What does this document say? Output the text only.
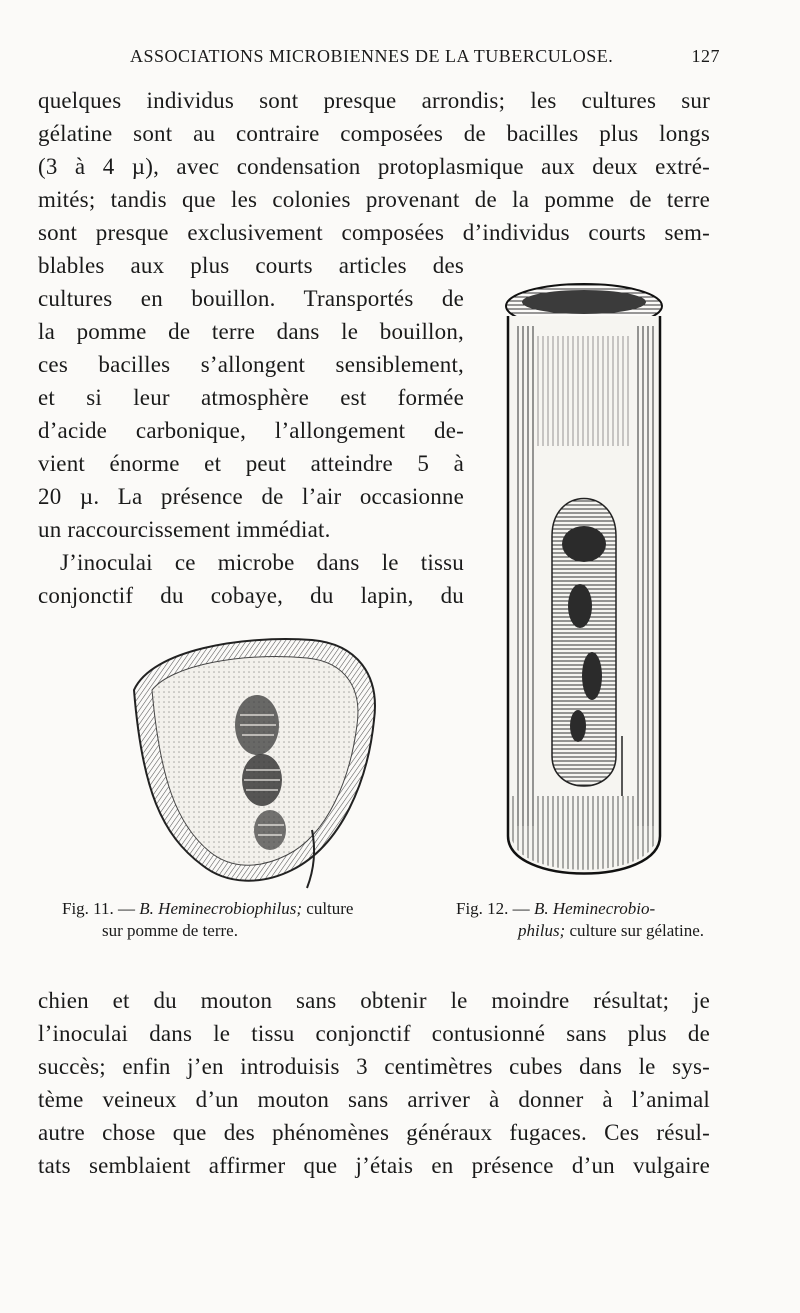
ASSOCIATIONS MICROBIENNES DE LA TUBERCULOSE.	127
quelques individus sont presque arrondis; les cultures sur
gélatine sont au contraire composées de bacilles plus longs
(3 à 4 µ), avec condensation protoplasmique aux deux extré-
mités; tandis que les colonies provenant de la pomme de terre
sont presque exclusivement composées d’individus courts sem-
blables aux plus courts articles des
cultures en bouillon. Transportés de
la pomme de terre dans le bouillon,
ces bacilles s’allongent sensiblement,
et si leur atmosphère est formée
d’acide carbonique, l’allongement de-
vient énorme et peut atteindre 5 à
20 µ. La présence de l’air occasionne
un raccourcissement immédiat.
J’inoculai ce microbe dans le tissu
conjonctif du cobaye, du lapin, du
Fig. 11. — B. Heminecrobiophilus; culture
sur pomme de terre.
Fig. 12. — B. Heminecrobio-
philus; culture sur gélatine.
chien et du mouton sans obtenir le moindre résultat; je
l’inoculai dans le tissu conjonctif contusionné sans plus de
succès; enfin j’en introduisis 3 centimètres cubes dans le sys-
tème veineux d’un mouton sans arriver à donner à l’animal
autre chose que des phénomènes généraux fugaces. Ces résul-
tats semblaient affirmer que j’étais en présence d’un vulgaire
